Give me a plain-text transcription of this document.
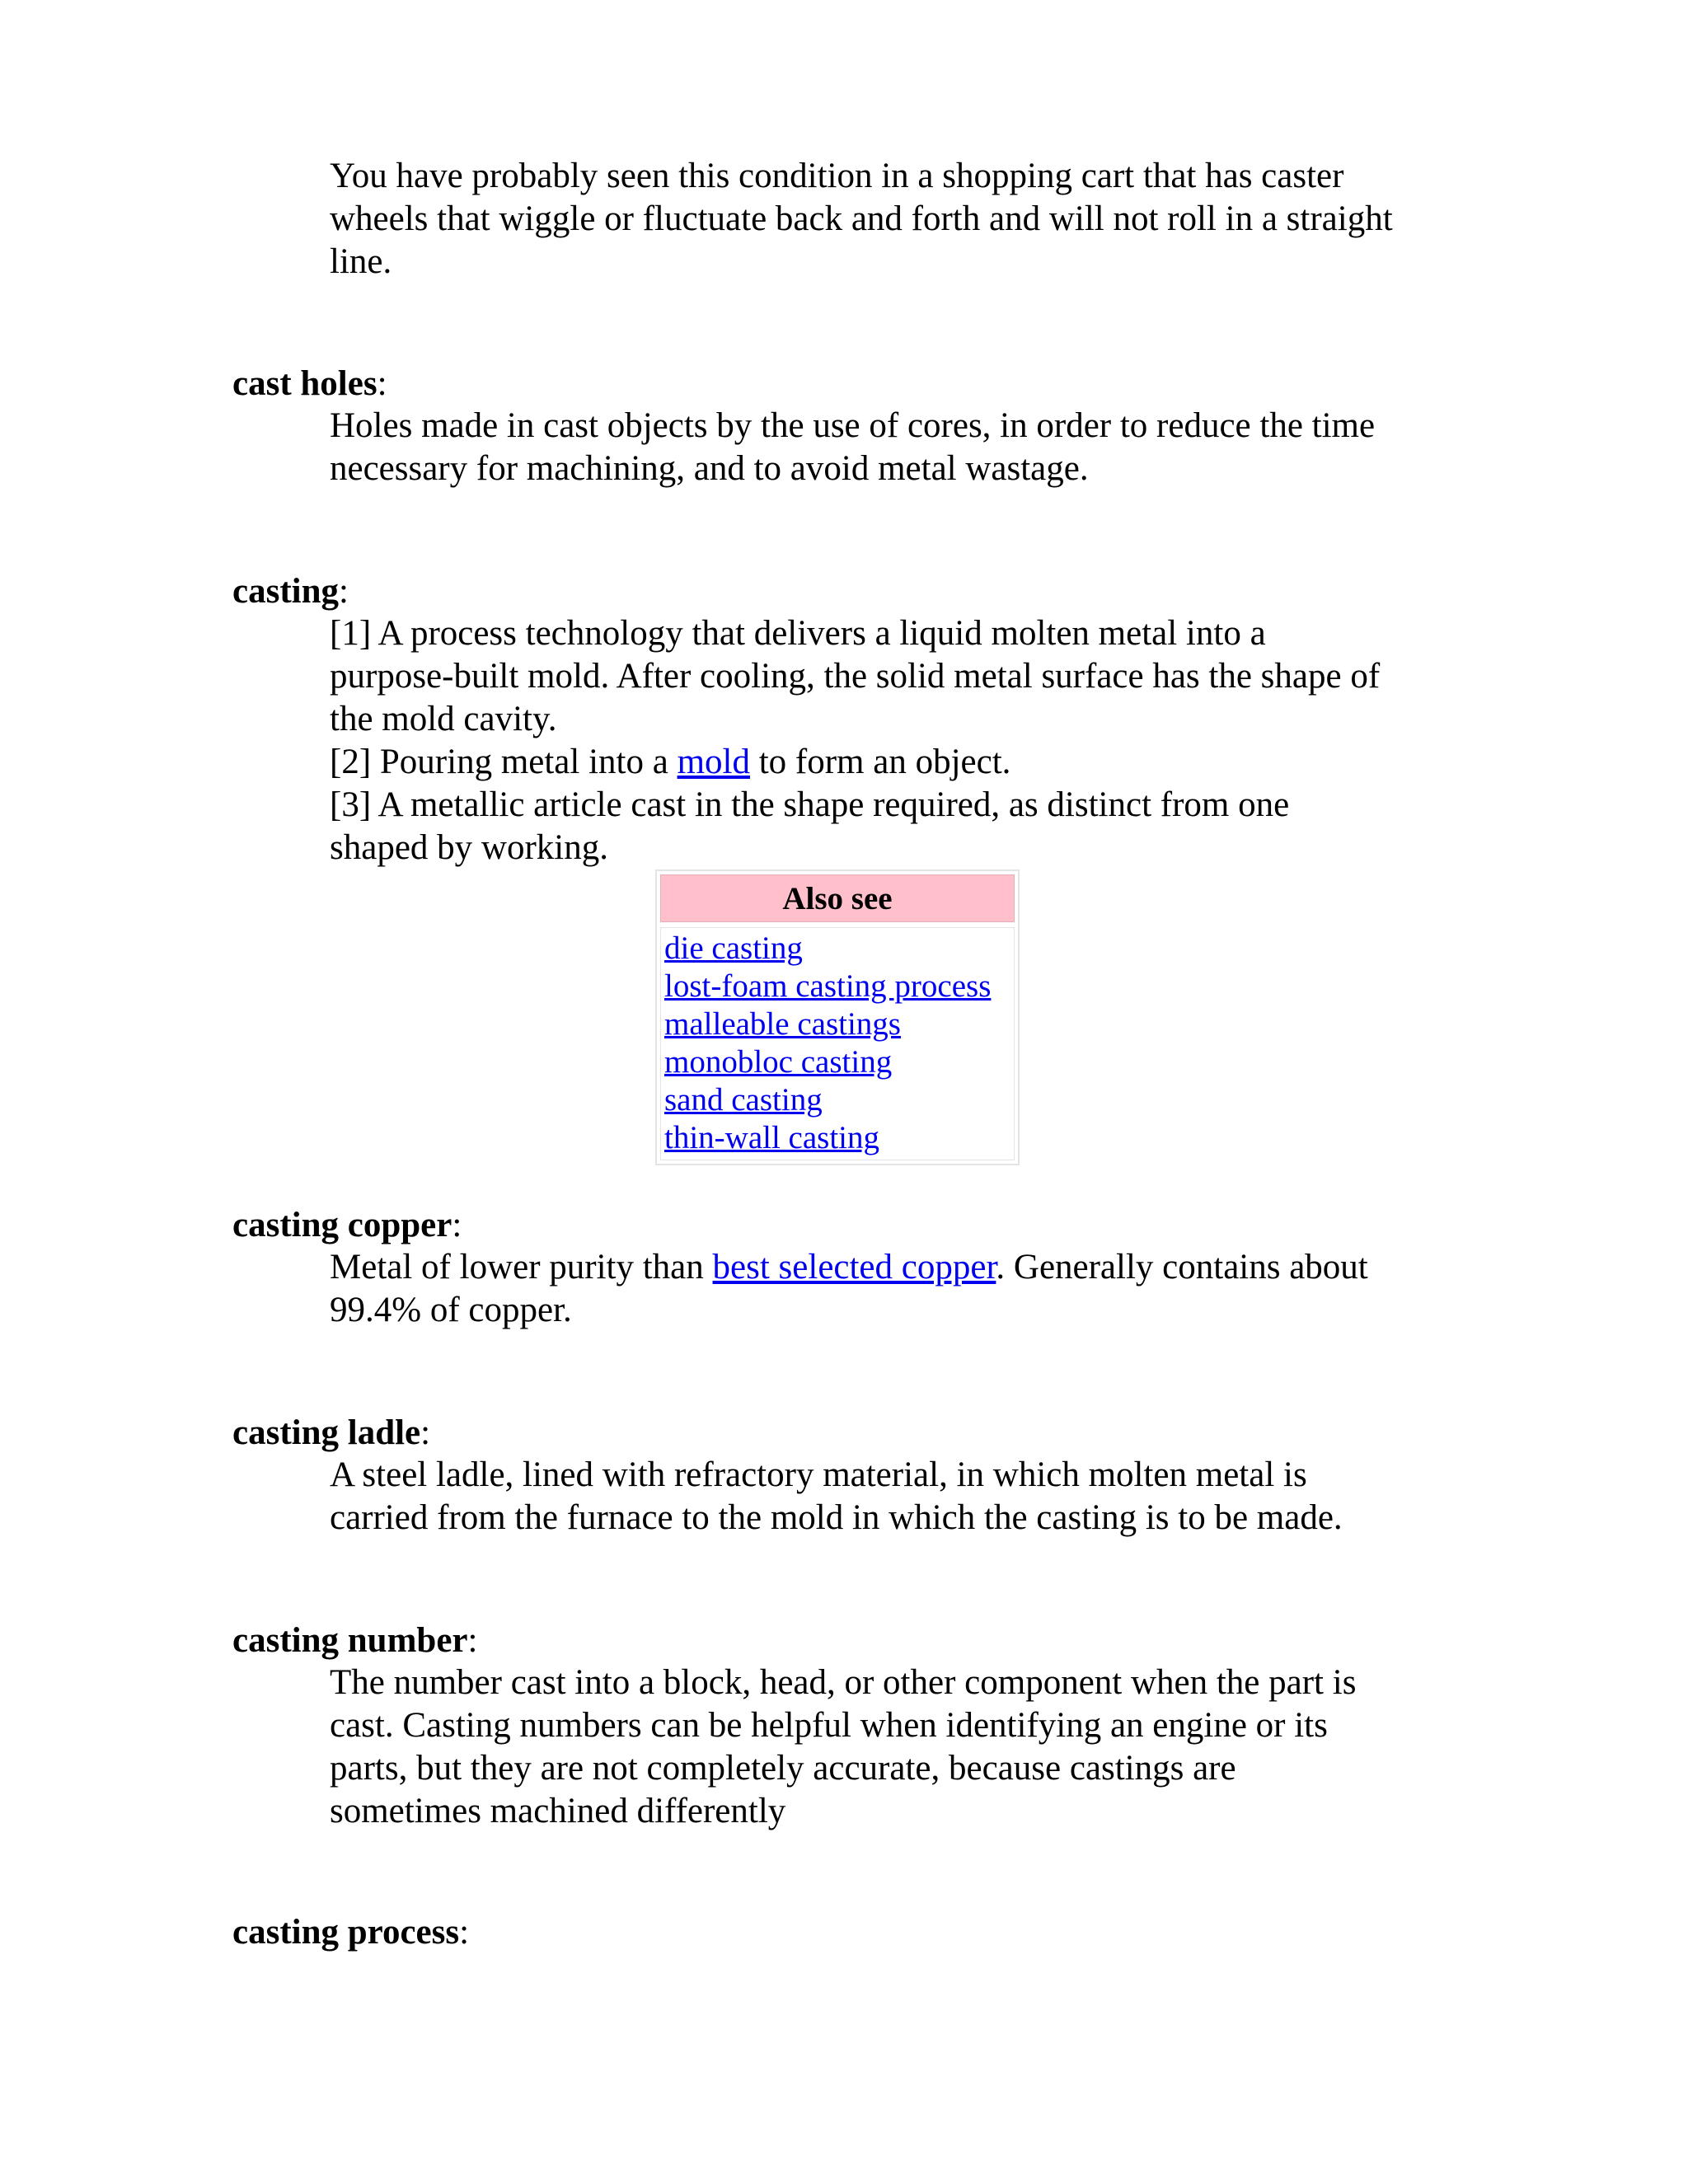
You have probably seen this condition in a shopping cart that has caster
wheels that wiggle or fluctuate back and forth and will not roll in a straight
line.
cast holes:
Holes made in cast objects by the use of cores, in order to reduce the time
necessary for machining, and to avoid metal wastage.
casting:
[1] A process technology that delivers a liquid molten metal into a
purpose-built mold. After cooling, the solid metal surface has the shape of
the mold cavity.
[2] Pouring metal into a mold to form an object.
[3] A metallic article cast in the shape required, as distinct from one
shaped by working.
Also see
die casting
lost-foam casting process
malleable castings
monobloc casting
sand casting
thin-wall casting
casting copper:
Metal of lower purity than best selected copper. Generally contains about
99.4% of copper.
casting ladle:
A steel ladle, lined with refractory material, in which molten metal is
carried from the furnace to the mold in which the casting is to be made.
casting number:
The number cast into a block, head, or other component when the part is
cast. Casting numbers can be helpful when identifying an engine or its
parts, but they are not completely accurate, because castings are
sometimes machined differently
casting process:
